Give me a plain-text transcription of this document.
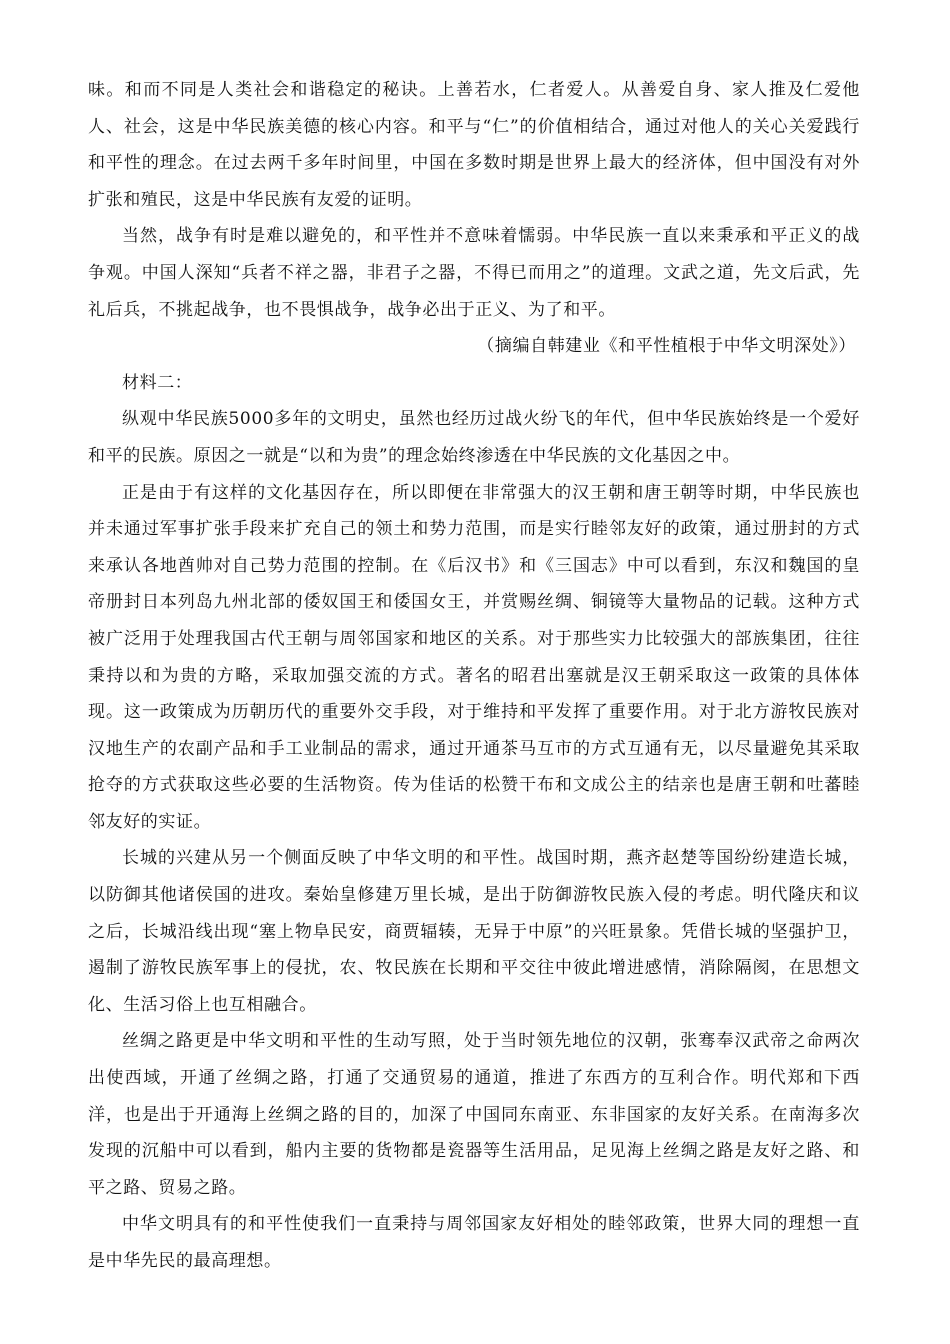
味。和而不同是人类社会和谐稳定的秘诀。上善若水，仁者爱人。从善爱自身、家人推及仁爱他人、社会，这是中华民族美德的核心内容。和平与“仁”的价值相结合，通过对他人的关心关爱践行和平性的理念。在过去两千多年时间里，中国在多数时期是世界上最大的经济体，但中国没有对外扩张和殖民，这是中华民族有友爱的证明。

当然，战争有时是难以避免的，和平性并不意味着懦弱。中华民族一直以来秉承和平正义的战争观。中国人深知“兵者不祥之器，非君子之器，不得已而用之”的道理。文武之道，先文后武，先礼后兵，不挑起战争，也不畏惧战争，战争必出于正义、为了和平。

（摘编自韩建业《和平性植根于中华文明深处》）

材料二：

纵观中华民族5000多年的文明史，虽然也经历过战火纷飞的年代，但中华民族始终是一个爱好和平的民族。原因之一就是“以和为贵”的理念始终渗透在中华民族的文化基因之中。

正是由于有这样的文化基因存在，所以即便在非常强大的汉王朝和唐王朝等时期，中华民族也并未通过军事扩张手段来扩充自己的领土和势力范围，而是实行睦邻友好的政策，通过册封的方式来承认各地酋帅对自己势力范围的控制。在《后汉书》和《三国志》中可以看到，东汉和魏国的皇帝册封日本列岛九州北部的倭奴国王和倭国女王，并赏赐丝绸、铜镜等大量物品的记载。这种方式被广泛用于处理我国古代王朝与周邻国家和地区的关系。对于那些实力比较强大的部族集团，往往秉持以和为贵的方略，采取加强交流的方式。著名的昭君出塞就是汉王朝采取这一政策的具体体现。这一政策成为历朝历代的重要外交手段，对于维持和平发挥了重要作用。对于北方游牧民族对汉地生产的农副产品和手工业制品的需求，通过开通茶马互市的方式互通有无，以尽量避免其采取抢夺的方式获取这些必要的生活物资。传为佳话的松赞干布和文成公主的结亲也是唐王朝和吐蕃睦邻友好的实证。

长城的兴建从另一个侧面反映了中华文明的和平性。战国时期，燕齐赵楚等国纷纷建造长城，以防御其他诸侯国的进攻。秦始皇修建万里长城，是出于防御游牧民族入侵的考虑。明代隆庆和议之后，长城沿线出现“塞上物阜民安，商贾辐辏，无异于中原”的兴旺景象。凭借长城的坚强护卫，遏制了游牧民族军事上的侵扰，农、牧民族在长期和平交往中彼此增进感情，消除隔阂，在思想文化、生活习俗上也互相融合。

丝绸之路更是中华文明和平性的生动写照，处于当时领先地位的汉朝，张骞奉汉武帝之命两次出使西域，开通了丝绸之路，打通了交通贸易的通道，推进了东西方的互利合作。明代郑和下西洋，也是出于开通海上丝绸之路的目的，加深了中国同东南亚、东非国家的友好关系。在南海多次发现的沉船中可以看到，船内主要的货物都是瓷器等生活用品，足见海上丝绸之路是友好之路、和平之路、贸易之路。

中华文明具有的和平性使我们一直秉持与周邻国家友好相处的睦邻政策，世界大同的理想一直是中华先民的最高理想。
